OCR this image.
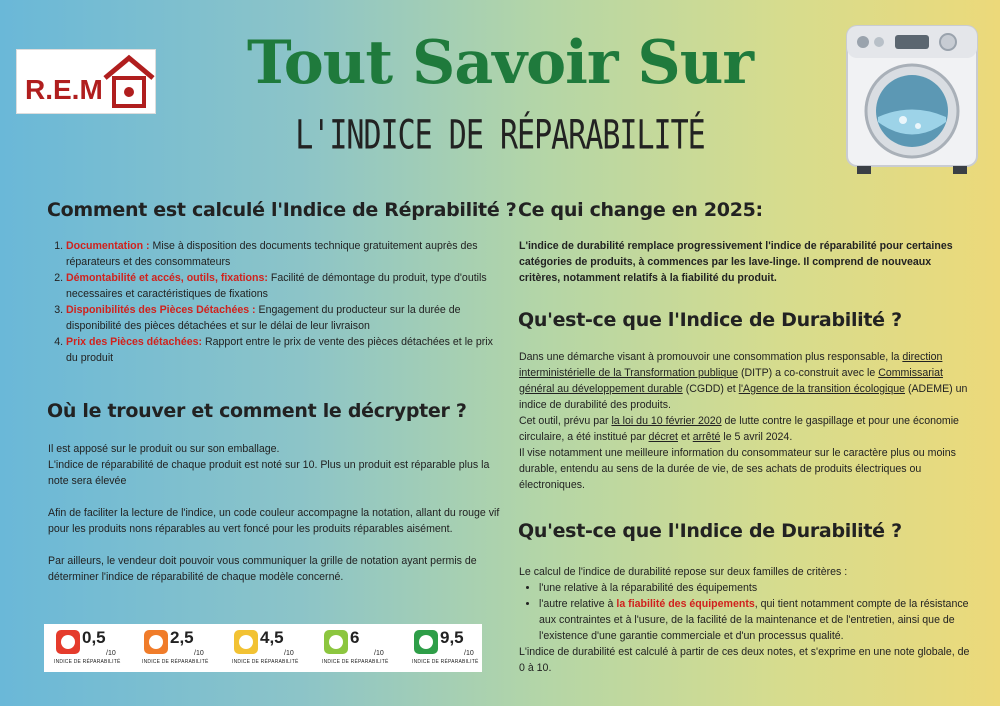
R.E.M	Tout Savoir Sur
L'INDICE DE RÉPARABILITÉ
Comment est calculé l'Indice de Réprabilité ?
1. Documentation : Mise à disposition des documents technique gratuitement auprès des réparateurs et des consommateurs
2. Démontabilité et accés, outils, fixations: Facilité de démontage du produit, type d'outils necessaires et caractéristiques de fixations
3. Disponibilités des Pièces Détachées : Engagement du producteur sur la durée de disponibilité des pièces détachées et sur le délai de leur livraison
4. Prix des Pièces détachées: Rapport entre le prix de vente des pièces détachées et le prix du produit
Où le trouver et comment le décrypter ?

Il est apposé sur le produit ou sur son emballage.

L'indice de réparabilité de chaque produit est noté sur 10. Plus un produit est réparable plus la note sera élevée

Afin de faciliter la lecture de l'indice, un code couleur accompagne la notation, allant du rouge vif pour les produits nons réparables au vert foncé pour les produits réparables aisément.

Par ailleurs, le vendeur doit pouvoir vous communiquer la grille de notation ayant permis de déterminer l'indice de réparabilité de chaque modèle concerné.

0,5
/10
INDICE DE RÉPARABILITÉ
2,5
/10
INDICE DE RÉPARABILITÉ
4,5
/10
INDICE DE RÉPARABILITÉ
6
/10
INDICE DE RÉPARABILITÉ
9,5
/10
INDICE DE RÉPARABILITÉ
Ce qui change en 2025:
L'indice de durabilité remplace progressivement l'indice de réparabilité pour certaines catégories de produits, à commences par les lave-linge. Il comprend de nouveaux critères, notamment relatifs à la fiabilité du produit.
Qu'est-ce que l'Indice de Durabilité ?

Dans une démarche visant à promouvoir une consommation plus responsable, la direction interministérielle de la Transformation publique (DITP) a co-construit avec le Commissariat général au développement durable (CGDD) et l'Agence de la transition écologique (ADEME) un indice de durabilité des produits.

Cet outil, prévu par la loi du 10 février 2020 de lutte contre le gaspillage et pour une économie circulaire, a été institué par décret et arrêté le 5 avril 2024.

Il vise notamment une meilleure information du consommateur sur le caractère plus ou moins durable, entendu au sens de la durée de vie, de ses achats de produits électriques ou électroniques.

Qu'est-ce que l'Indice de Durabilité ?

Le calcul de l'indice de durabilité repose sur deux familles de critères :

• l'une relative à la réparabilité des équipements
• l'autre relative à la fiabilité des équipements, qui tient notamment compte de la résistance aux contraintes et à l'usure, de la facilité de la maintenance et de l'entretien, ainsi que de l'existence d'une garantie commerciale et d'un processus qualité.

L'indice de durabilité est calculé à partir de ces deux notes, et s'exprime en une note globale, de 0 à 10.
